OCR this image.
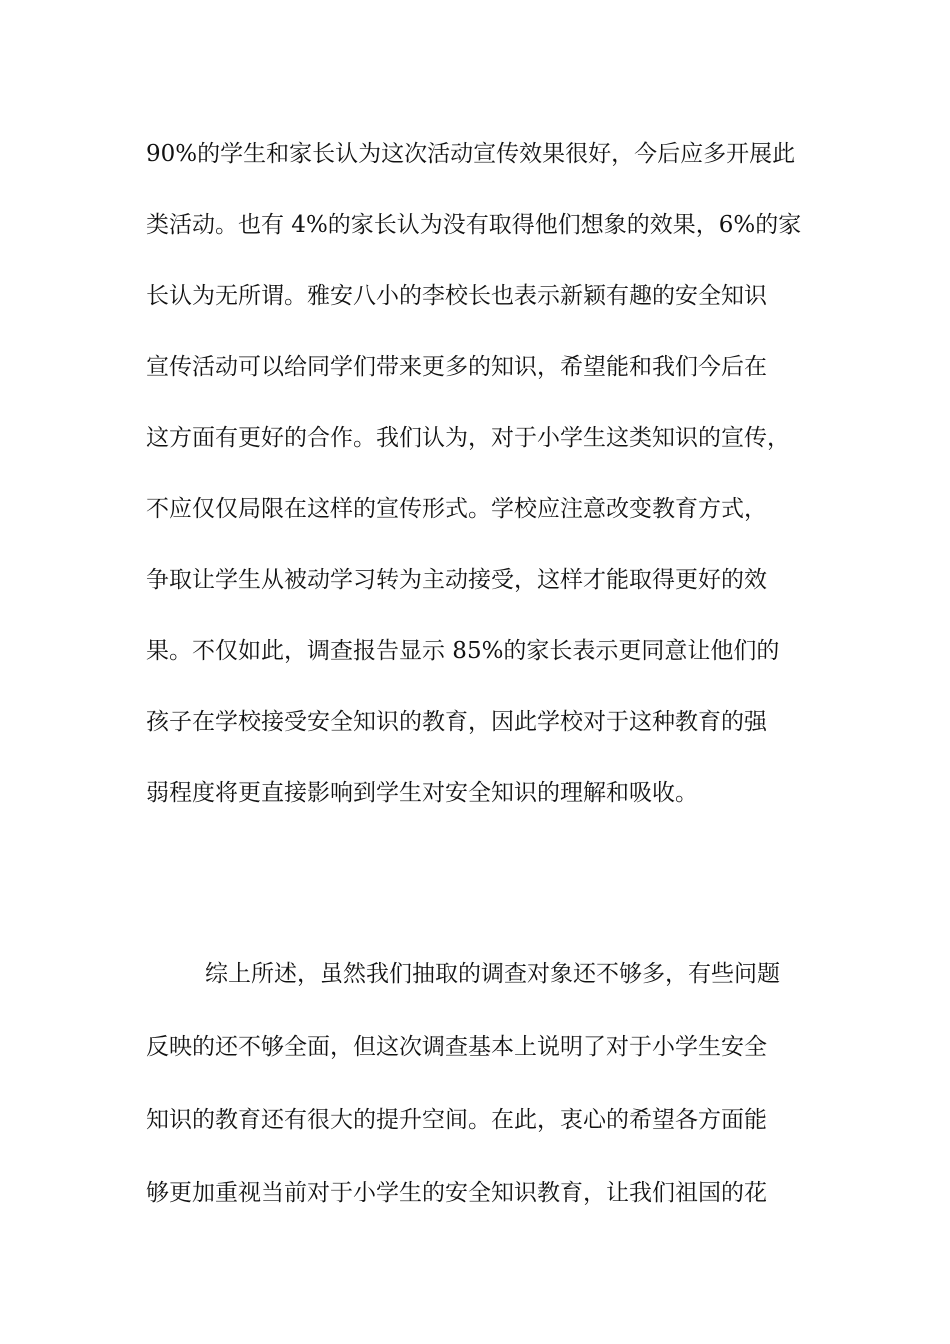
90%的学生和家长认为这次活动宣传效果很好，今后应多开展此
类活动。也有 4%的家长认为没有取得他们想象的效果，6%的家
长认为无所谓。雅安八小的李校长也表示新颖有趣的安全知识
宣传活动可以给同学们带来更多的知识，希望能和我们今后在
这方面有更好的合作。我们认为，对于小学生这类知识的宣传，
不应仅仅局限在这样的宣传形式。学校应注意改变教育方式，
争取让学生从被动学习转为主动接受，这样才能取得更好的效
果。不仅如此，调查报告显示 85%的家长表示更同意让他们的
孩子在学校接受安全知识的教育，因此学校对于这种教育的强
弱程度将更直接影响到学生对安全知识的理解和吸收。
综上所述，虽然我们抽取的调查对象还不够多，有些问题
反映的还不够全面，但这次调查基本上说明了对于小学生安全
知识的教育还有很大的提升空间。在此，衷心的希望各方面能
够更加重视当前对于小学生的安全知识教育，让我们祖国的花
